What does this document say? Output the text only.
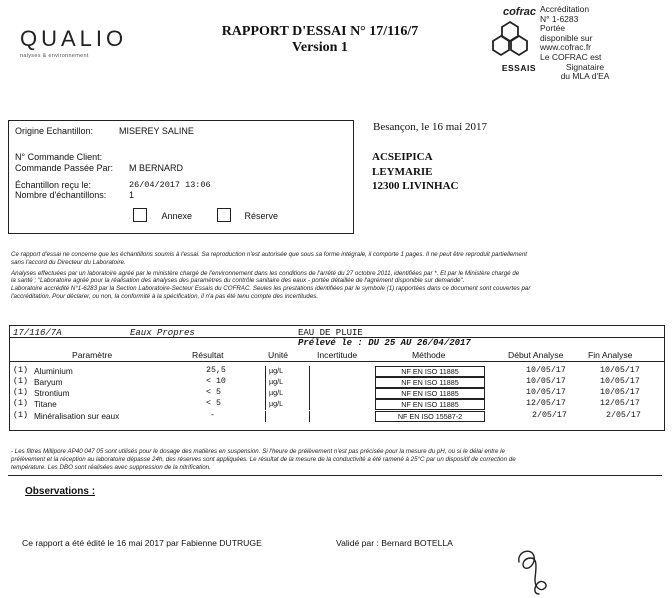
QUALIO
nalyses & environnement
RAPPORT D'ESSAI N° 17/116/7
Version 1
cofrac
ESSAIS
Accréditation
N° 1-6283
Portée
disponible sur
www.cofrac.fr
Le COFRAC est
Signataire
du MLA d'EA
Origine Echantillon:	MISEREY SALINE
N° Commande Client:
Commande Passée Par: M BERNARD
Échantillon reçu le:	26/04/2017 13:06
Nombre d'échantillons:	1
Annexe	Réserve
Besançon, le 16 mai 2017
ACSEIPICA
LEYMARIE
12300 LIVINHAC
Ce rapport d'essai ne concerne que les échantillons soumis à l'essai. Sa reproduction n'est autorisée que sous sa forme intégrale, il comporte 1 pages. Il ne peut être reproduit partiellement
sans l'accord du Directeur du Laboratoire.
Analyses effectuées par un laboratoire agréé par le ministère chargé de l'environnement dans les conditions de l'arrêté du 27 octobre 2011, identifiées par *. Et par le Ministère chargé de
la santé ; "Laboratoire agréé pour la réalisation des analyses des paramètres du contrôle sanitaire des eaux - portée détaillée de l'agrément disponible sur demande".
Laboratoire accrédité N°1-6283 par la Section Laboratoire-Secteur Essais du COFRAC. Seules les prestations identifiées par le symbole (1) rapportées dans ce document sont couvertes par
l'accréditation. Pour déclarer, ou non, la conformité à la spécification, il n'a pas été tenu compte des incertitudes.
17/116/7A	Eaux Propres	EAU DE PLUIE
Prélevé le : DU 25 AU 26/04/2017
Paramètre	Résultat	Unité	Incertitude	Méthode	Début Analyse	Fin Analyse
(1) Aluminium	25,5	µg/L	NF EN ISO 11885	10/05/17	10/05/17
(1) Baryum	< 10	µg/L	NF EN ISO 11885	10/05/17	10/05/17
(1) Strontium	< 5	µg/L	NF EN ISO 11885	10/05/17	10/05/17
(1) Titane	< 5	µg/L	NF EN ISO 11885	12/05/17	12/05/17
(1) Minéralisation sur eaux	-	NF EN ISO 15587-2	2/05/17	2/05/17
- Les filtres Millipore AP40 047 05 sont utilisés pour le dosage des matières en suspension. Si l'heure de prélèvement n'est pas précisée pour la mesure du pH, ou si le délai entre le
prélèvement et la réception au laboratoire dépasse 24h, des réserves sont appliquées. Le résultat de la mesure de la conductivité a été ramené à 25°C par un dispositif de correction de
température. Les DBO sont réalisées avec suppression de la nitrification.
Observations :
Ce rapport a été édité le 16 mai 2017 par Fabienne DUTRUGE	Validé par : Bernard BOTELLA
